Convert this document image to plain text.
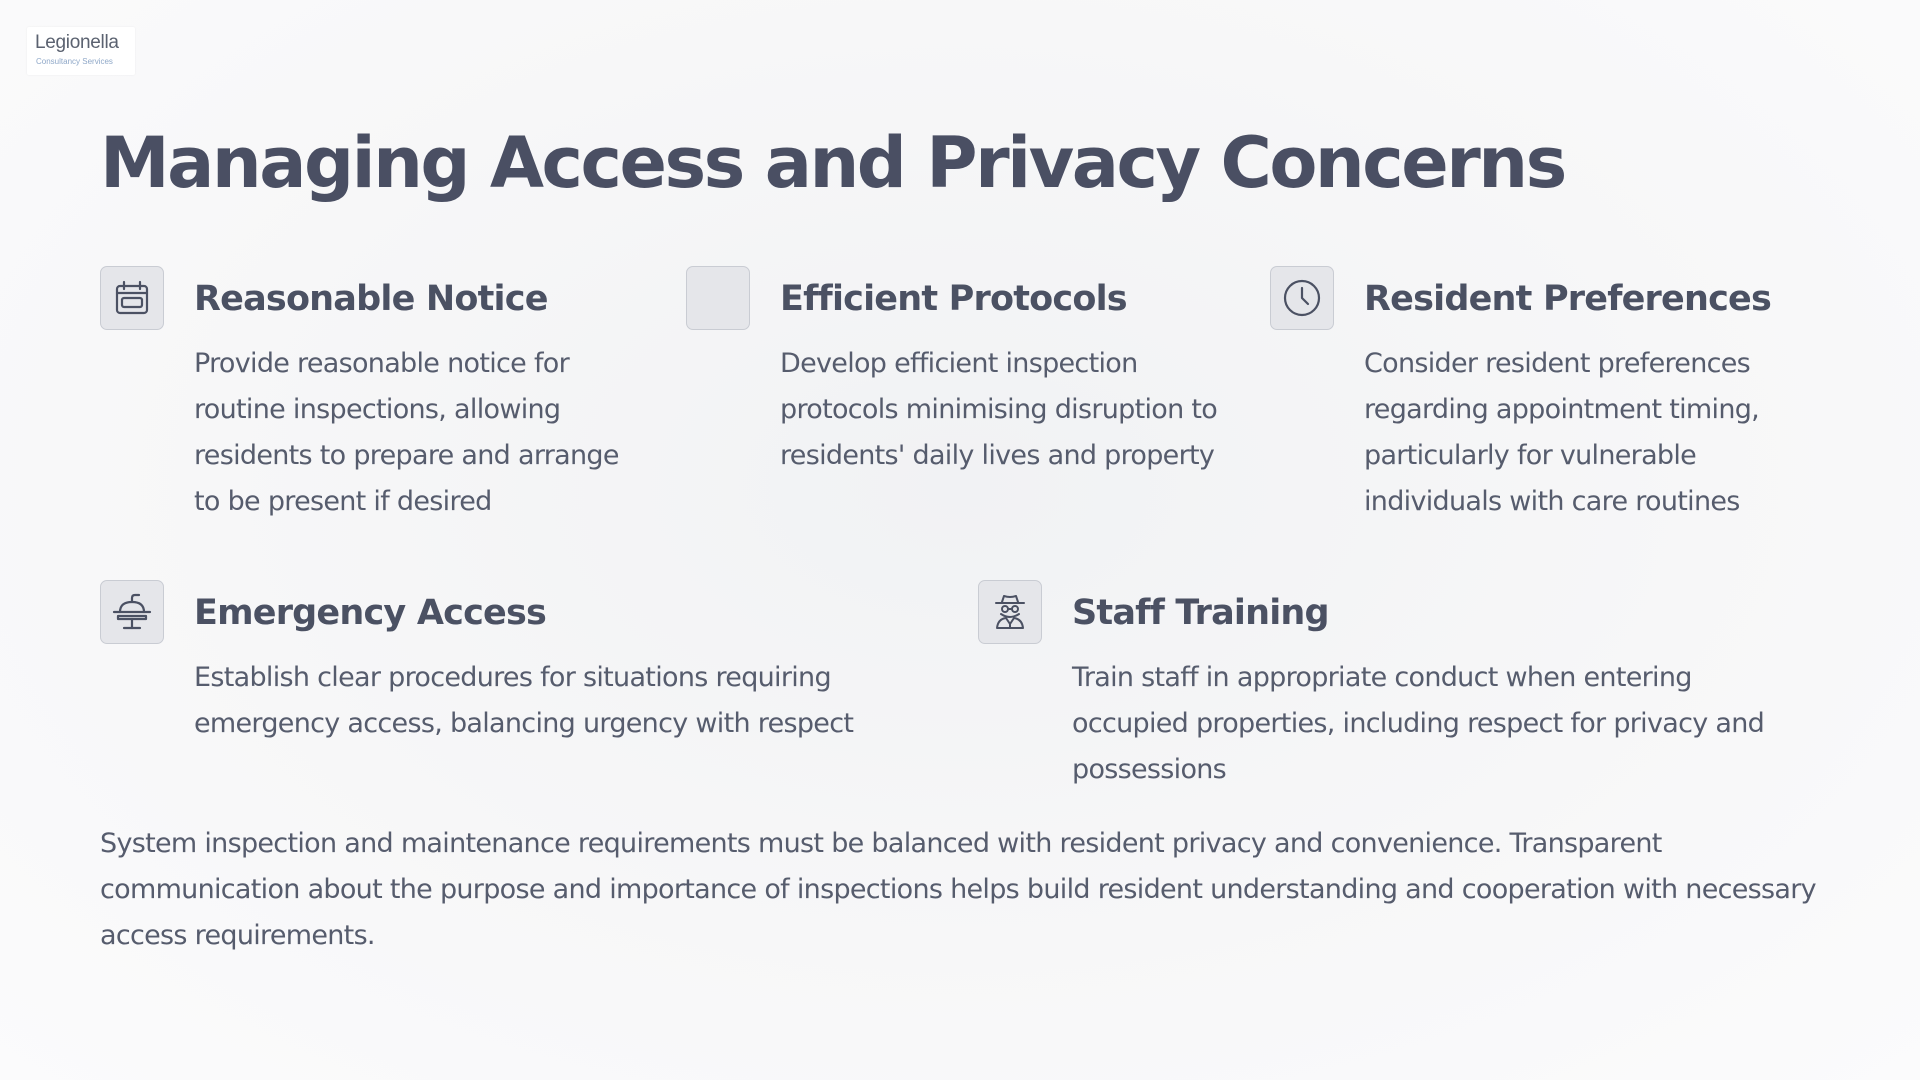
Legionella
Consultancy Services
Managing Access and Privacy Concerns
Reasonable Notice

Provide reasonable notice for routine inspections, allowing residents to prepare and arrange to be present if desired

Efficient Protocols

Develop efficient inspection protocols minimising disruption to residents' daily lives and property

Resident Preferences

Consider resident preferences regarding appointment timing, particularly for vulnerable individuals with care routines

Emergency Access

Establish clear procedures for situations requiring emergency access, balancing urgency with respect

Staff Training

Train staff in appropriate conduct when entering occupied properties, including respect for privacy and possessions

System inspection and maintenance requirements must be balanced with resident privacy and convenience. Transparent communication about the purpose and importance of inspections helps build resident understanding and cooperation with necessary access requirements.
